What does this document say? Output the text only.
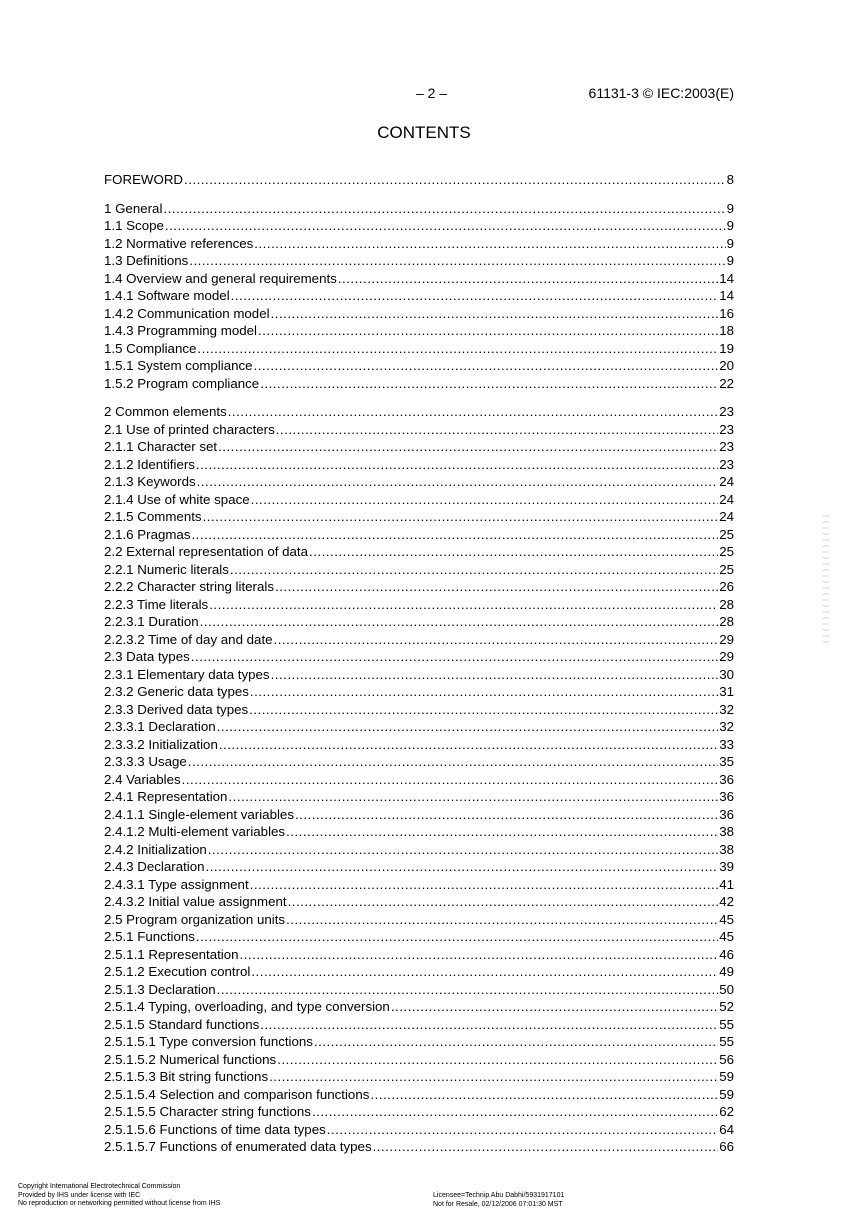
– 2 –	61131-3 © IEC:2003(E)
CONTENTS
FOREWORD .....	8
1 General .....	9
1.1 Scope .....	9
1.2 Normative references .....	9
1.3 Definitions .....	9
1.4 Overview and general requirements .....	14
1.4.1 Software model .....	14
1.4.2 Communication model .....	16
1.4.3 Programming model .....	18
1.5 Compliance .....	19
1.5.1 System compliance .....	20
1.5.2 Program compliance .....	22
2 Common elements .....	23
2.1 Use of printed characters .....	23
2.1.1 Character set .....	23
2.1.2 Identifiers .....	23
2.1.3 Keywords .....	24
2.1.4 Use of white space .....	24
2.1.5 Comments .....	24
2.1.6 Pragmas .....	25
2.2 External representation of data .....	25
2.2.1 Numeric literals .....	25
2.2.2 Character string literals .....	26
2.2.3 Time literals .....	28
2.2.3.1 Duration .....	28
2.2.3.2 Time of day and date .....	29
2.3 Data types .....	29
2.3.1 Elementary data types .....	30
2.3.2 Generic data types .....	31
2.3.3 Derived data types .....	32
2.3.3.1 Declaration .....	32
2.3.3.2 Initialization .....	33
2.3.3.3 Usage .....	35
2.4 Variables .....	36
2.4.1 Representation .....	36
2.4.1.1 Single-element variables .....	36
2.4.1.2 Multi-element variables .....	38
2.4.2 Initialization .....	38
2.4.3 Declaration .....	39
2.4.3.1 Type assignment .....	41
2.4.3.2 Initial value assignment .....	42
2.5 Program organization units .....	45
2.5.1 Functions .....	45
2.5.1.1 Representation .....	46
2.5.1.2 Execution control .....	49
2.5.1.3 Declaration .....	50
2.5.1.4 Typing, overloading, and type conversion .....	52
2.5.1.5 Standard functions .....	55
2.5.1.5.1 Type conversion functions .....	55
2.5.1.5.2 Numerical functions .....	56
2.5.1.5.3 Bit string functions .....	59
2.5.1.5.4 Selection and comparison functions .....	59
2.5.1.5.5 Character string functions .....	62
2.5.1.5.6 Functions of time data types .....	64
2.5.1.5.7 Functions of enumerated data types .....	66
Copyright International Electrotechnical Commission
Provided by IHS under license with IEC
No reproduction or networking permitted without license from IHS
Licensee=Technip Abu Dabhi/5931917101
Not for Resale, 02/12/2006 07:01:30 MST
